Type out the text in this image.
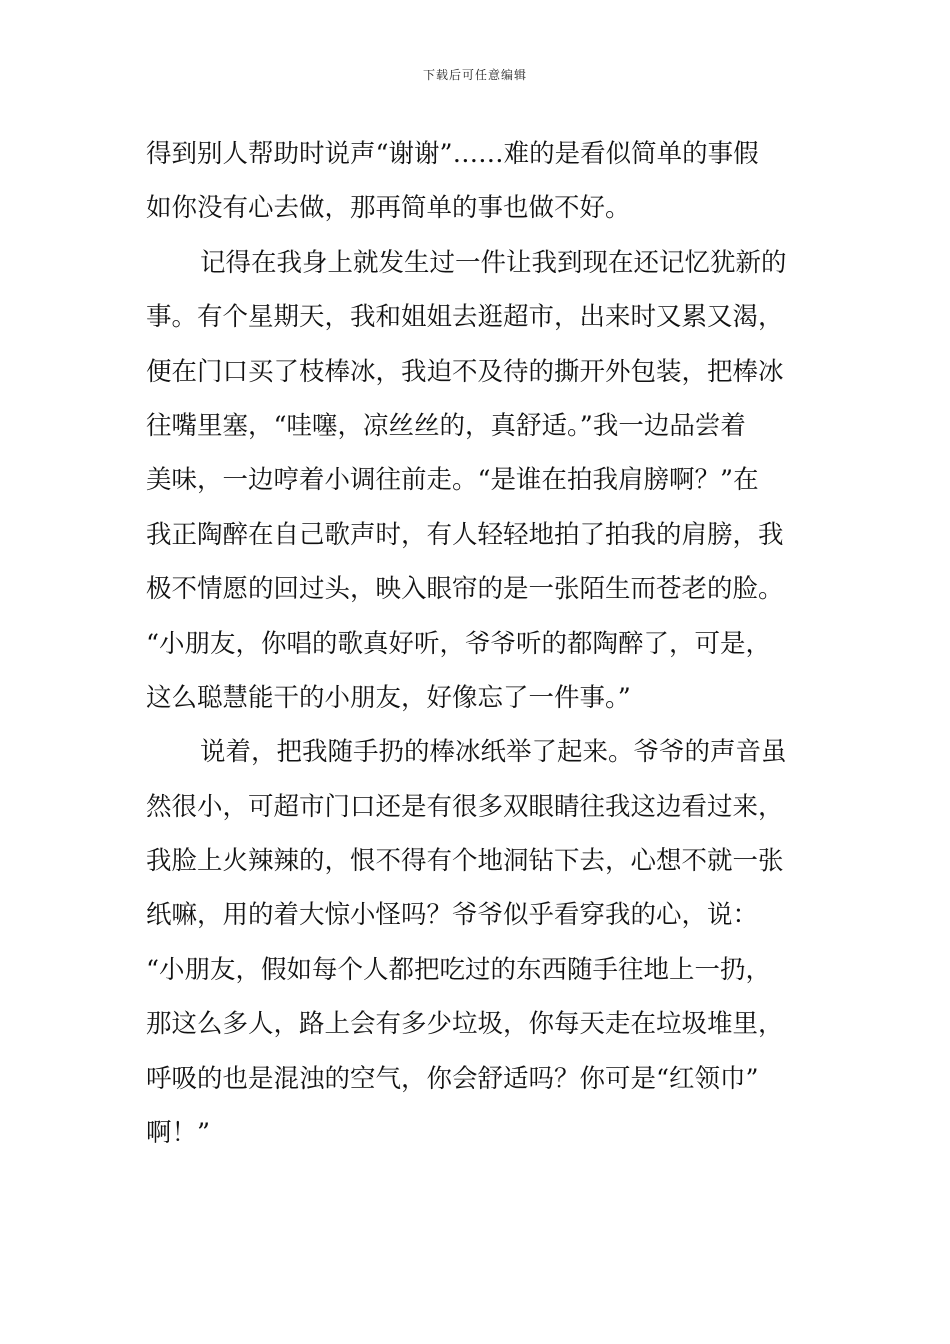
下载后可任意编辑
得到别人帮助时说声“谢谢”……难的是看似简单的事假
如你没有心去做，那再简单的事也做不好。
记得在我身上就发生过一件让我到现在还记忆犹新的
事。有个星期天，我和姐姐去逛超市，出来时又累又渴，
便在门口买了枝棒冰，我迫不及待的撕开外包装，把棒冰
往嘴里塞，“哇噻，凉丝丝的，真舒适。”我一边品尝着
美味，一边哼着小调往前走。“是谁在拍我肩膀啊？”在
我正陶醉在自己歌声时，有人轻轻地拍了拍我的肩膀，我
极不情愿的回过头，映入眼帘的是一张陌生而苍老的脸。
“小朋友，你唱的歌真好听，爷爷听的都陶醉了，可是，
这么聪慧能干的小朋友，好像忘了一件事。”
说着，把我随手扔的棒冰纸举了起来。爷爷的声音虽
然很小，可超市门口还是有很多双眼睛往我这边看过来，
我脸上火辣辣的，恨不得有个地洞钻下去，心想不就一张
纸嘛，用的着大惊小怪吗？爷爷似乎看穿我的心，说：
“小朋友，假如每个人都把吃过的东西随手往地上一扔，
那这么多人，路上会有多少垃圾，你每天走在垃圾堆里，
呼吸的也是混浊的空气，你会舒适吗？你可是“红领巾”
啊！”
